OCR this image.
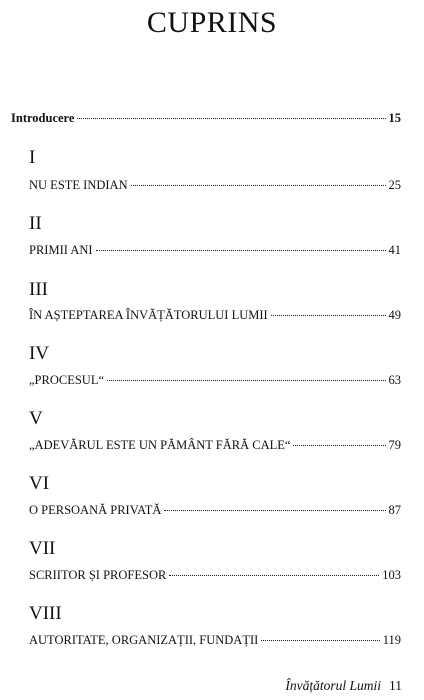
CUPRINS
Introducere	15
I
NU ESTE INDIAN	25
II
PRIMII ANI	41
III
ÎN AȘTEPTAREA ÎNVĂȚĂTORULUI LUMII	49
IV
„PROCESUL“	63
V
„ADEVĂRUL ESTE UN PĂMÂNT FĂRĂ CALE“	79
VI
O PERSOANĂ PRIVATĂ	87
VII
SCRIITOR ȘI PROFESOR	103
VIII
AUTORITATE, ORGANIZAȚII, FUNDAȚII	119
Învățătorul Lumii 11
